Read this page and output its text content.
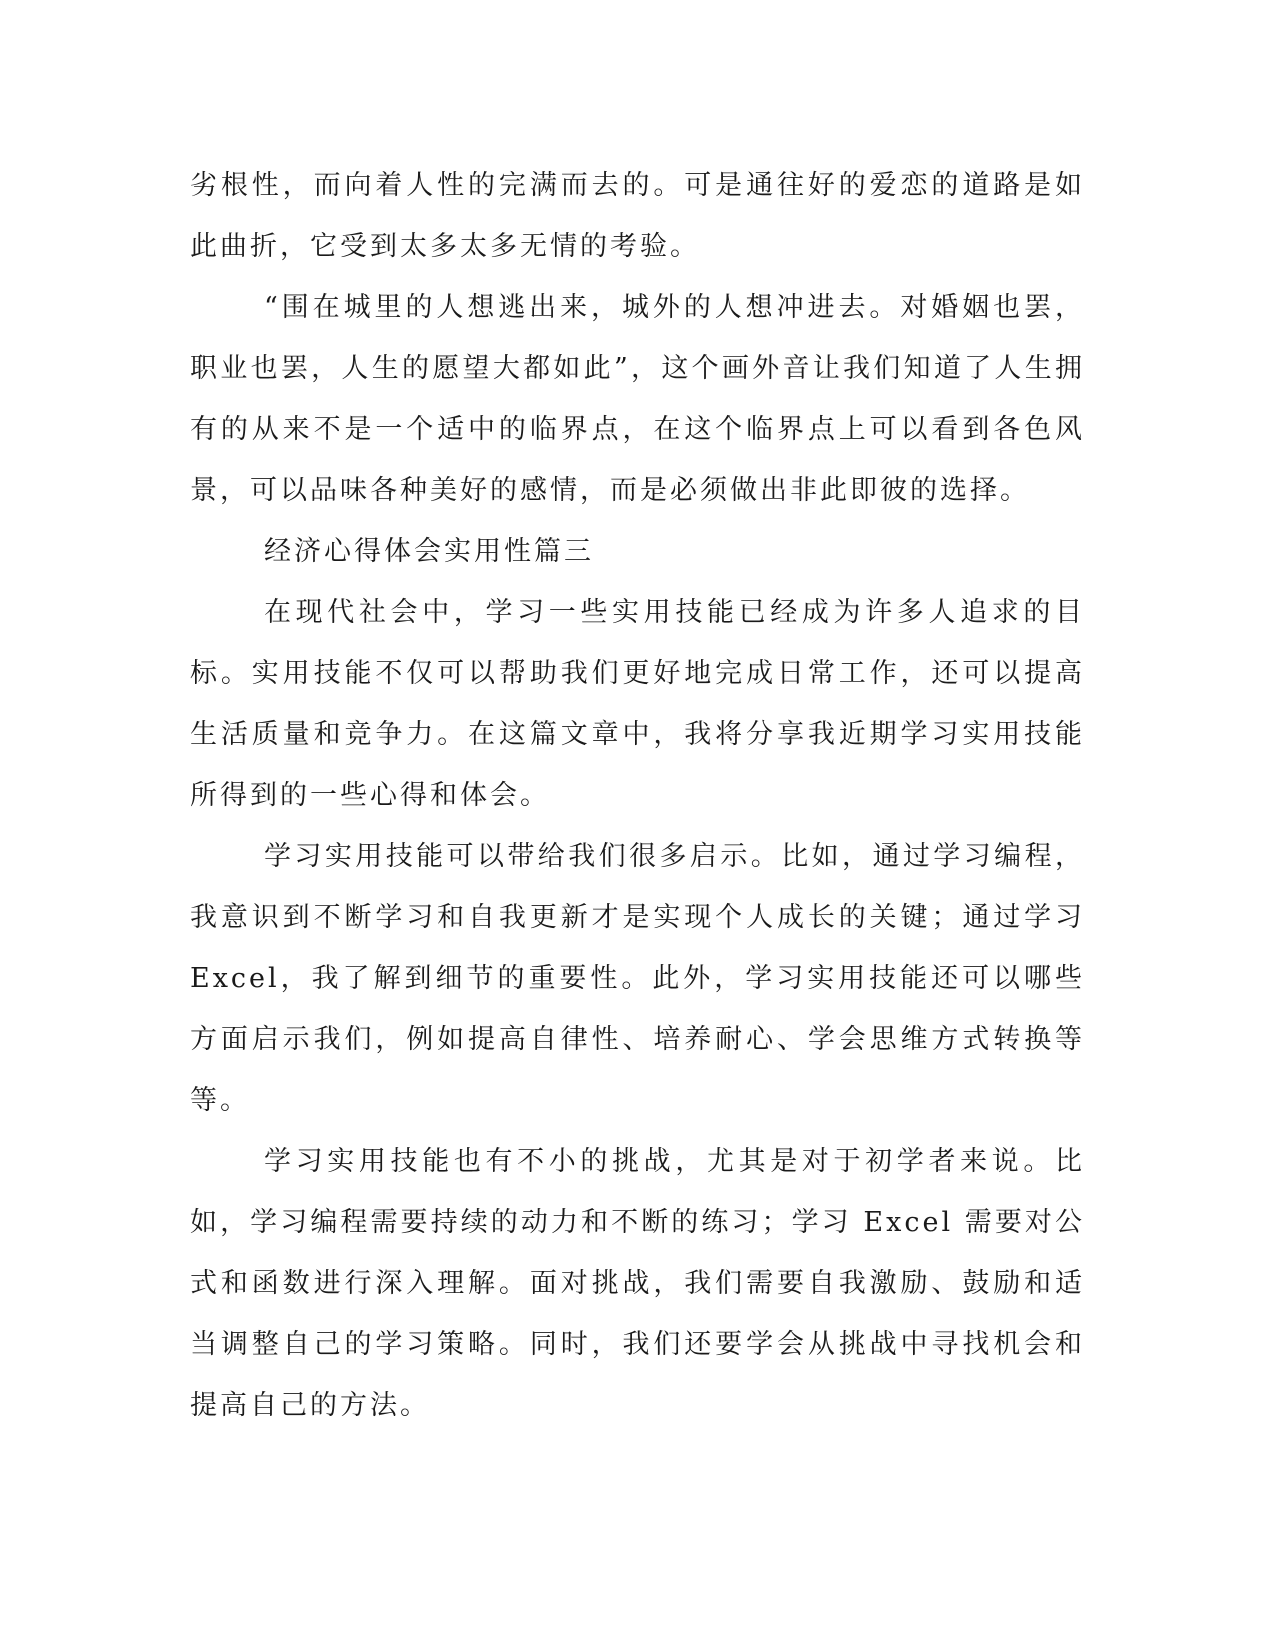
劣根性，而向着人性的完满而去的。可是通往好的爱恋的道路是如此曲折，它受到太多太多无情的考验。

“围在城里的人想逃出来，城外的人想冲进去。对婚姻也罢，职业也罢，人生的愿望大都如此”，这个画外音让我们知道了人生拥有的从来不是一个适中的临界点，在这个临界点上可以看到各色风景，可以品味各种美好的感情，而是必须做出非此即彼的选择。

经济心得体会实用性篇三

在现代社会中，学习一些实用技能已经成为许多人追求的目标。实用技能不仅可以帮助我们更好地完成日常工作，还可以提高生活质量和竞争力。在这篇文章中，我将分享我近期学习实用技能所得到的一些心得和体会。

学习实用技能可以带给我们很多启示。比如，通过学习编程，我意识到不断学习和自我更新才是实现个人成长的关键；通过学习 Excel，我了解到细节的重要性。此外，学习实用技能还可以哪些方面启示我们，例如提高自律性、培养耐心、学会思维方式转换等等。

学习实用技能也有不小的挑战，尤其是对于初学者来说。比如，学习编程需要持续的动力和不断的练习；学习 Excel 需要对公式和函数进行深入理解。面对挑战，我们需要自我激励、鼓励和适当调整自己的学习策略。同时，我们还要学会从挑战中寻找机会和提高自己的方法。
